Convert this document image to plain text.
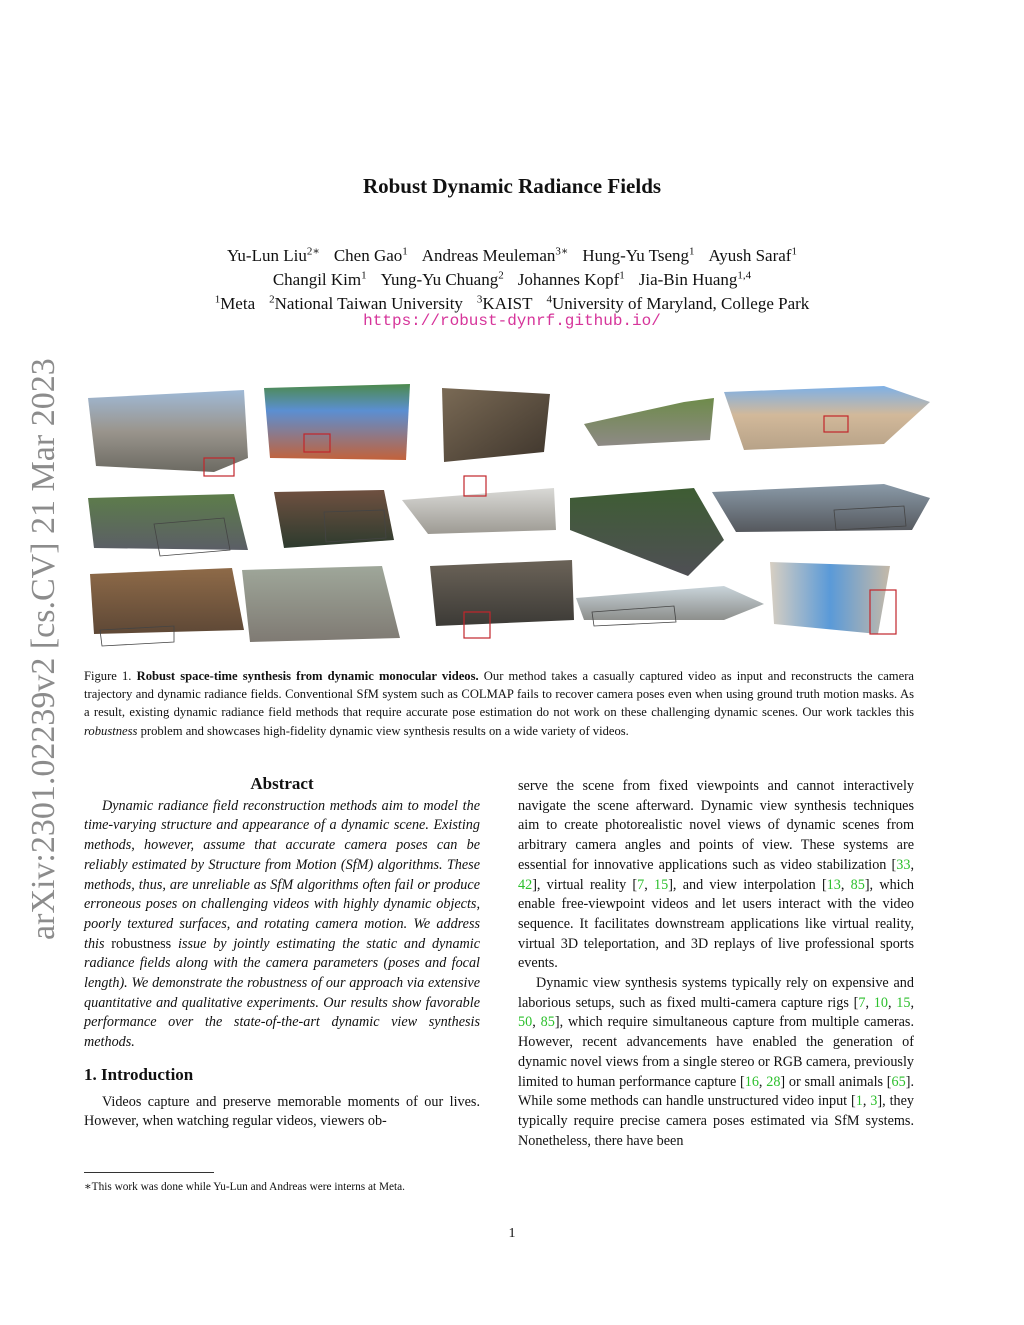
arXiv:2301.02239v2 [cs.CV] 21 Mar 2023
Robust Dynamic Radiance Fields
Yu-Lun Liu$^{2∗}$ Chen Gao$^1$ Andreas Meuleman$^{3∗}$ Hung-Yu Tseng$^1$ Ayush Saraf$^1$
Changil Kim$^1$ Yung-Yu Chuang$^2$ Johannes Kopf$^1$ Jia-Bin Huang$^{1,4}$
$^1$Meta $^2$National Taiwan University $^3$KAIST $^4$University of Maryland, College Park
https://robust-dynrf.github.io/
Figure 1. Robust space-time synthesis from dynamic monocular videos. Our method takes a casually captured video as input and reconstructs the camera trajectory and dynamic radiance fields. Conventional SfM system such as COLMAP fails to recover camera poses even when using ground truth motion masks. As a result, existing dynamic radiance field methods that require accurate pose estimation do not work on these challenging dynamic scenes. Our work tackles this robustness problem and showcases high-fidelity dynamic view synthesis results on a wide variety of videos.
Abstract

Dynamic radiance field reconstruction methods aim to model the time-varying structure and appearance of a dynamic scene. Existing methods, however, assume that accurate camera poses can be reliably estimated by Structure from Motion (SfM) algorithms. These methods, thus, are unreliable as SfM algorithms often fail or produce erroneous poses on challenging videos with highly dynamic objects, poorly textured surfaces, and rotating camera motion. We address this robustness issue by jointly estimating the static and dynamic radiance fields along with the camera parameters (poses and focal length). We demonstrate the robustness of our approach via extensive quantitative and qualitative experiments. Our results show favorable performance over the state-of-the-art dynamic view synthesis methods.

1. Introduction

Videos capture and preserve memorable moments of our lives. However, when watching regular videos, viewers ob-

serve the scene from fixed viewpoints and cannot interactively navigate the scene afterward. Dynamic view synthesis techniques aim to create photorealistic novel views of dynamic scenes from arbitrary camera angles and points of view. These systems are essential for innovative applications such as video stabilization [33, 42], virtual reality [7, 15], and view interpolation [13, 85], which enable free-viewpoint videos and let users interact with the video sequence. It facilitates downstream applications like virtual reality, virtual 3D teleportation, and 3D replays of live professional sports events.

Dynamic view synthesis systems typically rely on expensive and laborious setups, such as fixed multi-camera capture rigs [7, 10, 15, 50, 85], which require simultaneous capture from multiple cameras. However, recent advancements have enabled the generation of dynamic novel views from a single stereo or RGB camera, previously limited to human performance capture [16, 28] or small animals [65]. While some methods can handle unstructured video input [1, 3], they typically require precise camera poses estimated via SfM systems. Nonetheless, there have been

∗This work was done while Yu-Lun and Andreas were interns at Meta.
1
